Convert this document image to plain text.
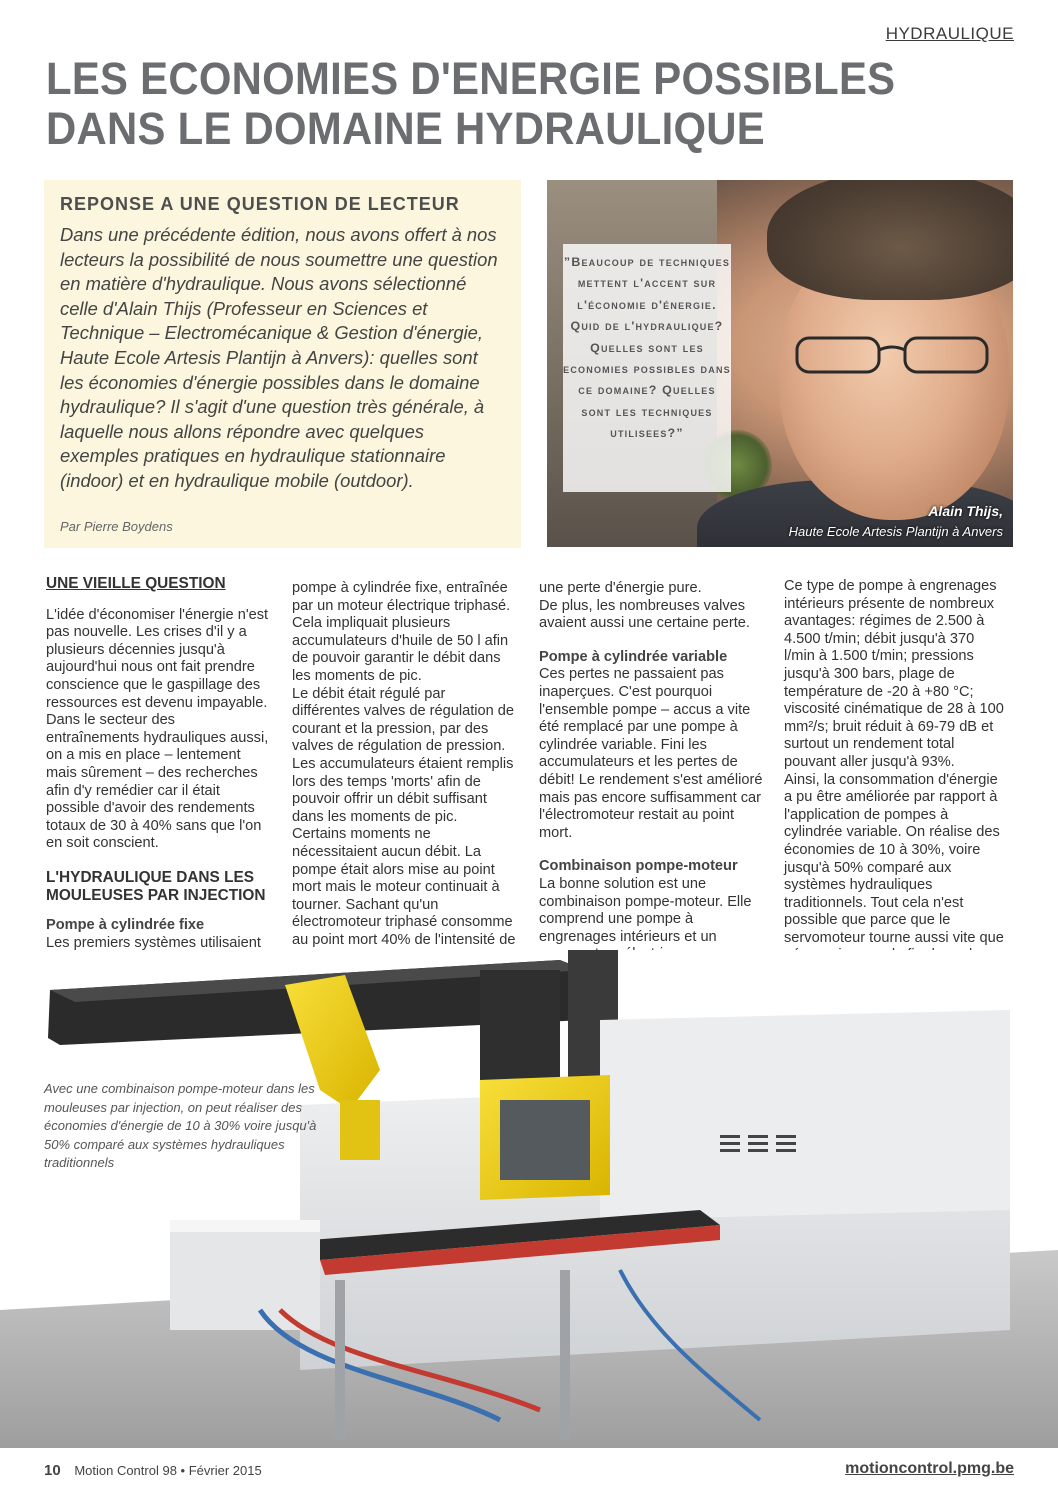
HYDRAULIQUE
LES ECONOMIES D'ENERGIE POSSIBLES
DANS LE DOMAINE HYDRAULIQUE
REPONSE A UNE QUESTION DE LECTEUR

Dans une précédente édition, nous avons offert à nos lecteurs la possibilité de nous soumettre une question en matière d'hydraulique. Nous avons sélectionné celle d'Alain Thijs (Professeur en Sciences et Technique – Electromécanique & Gestion d'énergie, Haute Ecole Artesis Plantijn à Anvers): quelles sont les économies d'énergie possibles dans le domaine hydraulique? Il s'agit d'une question très générale, à laquelle nous allons répondre avec quelques exemples pratiques en hydraulique stationnaire (indoor) et en hydraulique mobile (outdoor).

Par Pierre Boydens

”Beaucoup de techniques mettent l'accent sur l'économie d'énergie. Quid de l'hydraulique? Quelles sont les economies possibles dans ce domaine? Quelles sont les techniques utilisees?”

Alain Thijs,
Haute Ecole Artesis Plantijn à Anvers
UNE VIEILLE QUESTION

L'idée d'économiser l'énergie n'est pas nouvelle. Les crises d'il y a plusieurs décennies jusqu'à aujourd'hui nous ont fait prendre conscience que le gaspillage des ressources est devenu impayable.

Dans le secteur des entraînements hydrauliques aussi, on a mis en place – lentement mais sûrement – des recherches afin d'y remédier car il était possible d'avoir des rendements totaux de 30 à 40% sans que l'on en soit conscient.

L'HYDRAULIQUE DANS LES MOULEUSES PAR INJECTION
Pompe à cylindrée fixe

Les premiers systèmes utilisaient

pompe à cylindrée fixe, entraînée par un moteur électrique triphasé. Cela impliquait plusieurs accumulateurs d'huile de 50 l afin de pouvoir garantir le débit dans les moments de pic.

Le débit était régulé par différentes valves de régulation de courant et la pression, par des valves de régulation de pression.

Les accumulateurs étaient remplis lors des temps 'morts' afin de pouvoir offrir un débit suffisant dans les moments de pic.

Certains moments ne nécessitaient aucun débit. La pompe était alors mise au point mort mais le moteur continuait à tourner. Sachant qu'un électromoteur triphasé consomme au point mort 40% de l'intensité de

une perte d'énergie pure.

De plus, les nombreuses valves avaient aussi une certaine perte.

Pompe à cylindrée variable

Ces pertes ne passaient pas inaperçues. C'est pourquoi l'ensemble pompe – accus a vite été remplacé par une pompe à cylindrée variable. Fini les accumulateurs et les pertes de débit! Le rendement s'est amélioré mais pas encore suffisamment car l'électromoteur restait au point mort.

Combinaison pompe-moteur

La bonne solution est une combinaison pompe-moteur. Elle comprend une pompe à engrenages intérieurs et un

Ce type de pompe à engrenages intérieurs présente de nombreux avantages: régimes de 2.500 à 4.500 t/min; débit jusqu'à 370 l/min à 1.500 t/min; pressions jusqu'à 300 bars, plage de température de -20 à +80 °C; viscosité cinématique de 28 à 100 mm²/s; bruit réduit à 69-79 dB et surtout un rendement total pouvant aller jusqu'à 93%.

Ainsi, la consommation d'énergie a pu être améliorée par rapport à l'application de pompes à cylindrée variable. On réalise des économies de 10 à 30%, voire jusqu'à 50% comparé aux systèmes hydrauliques traditionnels. Tout cela n'est possible que parce que le servomoteur tourne aussi vite que

Avec une combinaison pompe-moteur dans les mouleuses par injection, on peut réaliser des économies d'énergie de 10 à 30% voire jusqu'à 50% comparé aux systèmes hydrauliques traditionnels
10 Motion Control 98 • Février 2015	motioncontrol.pmg.be
